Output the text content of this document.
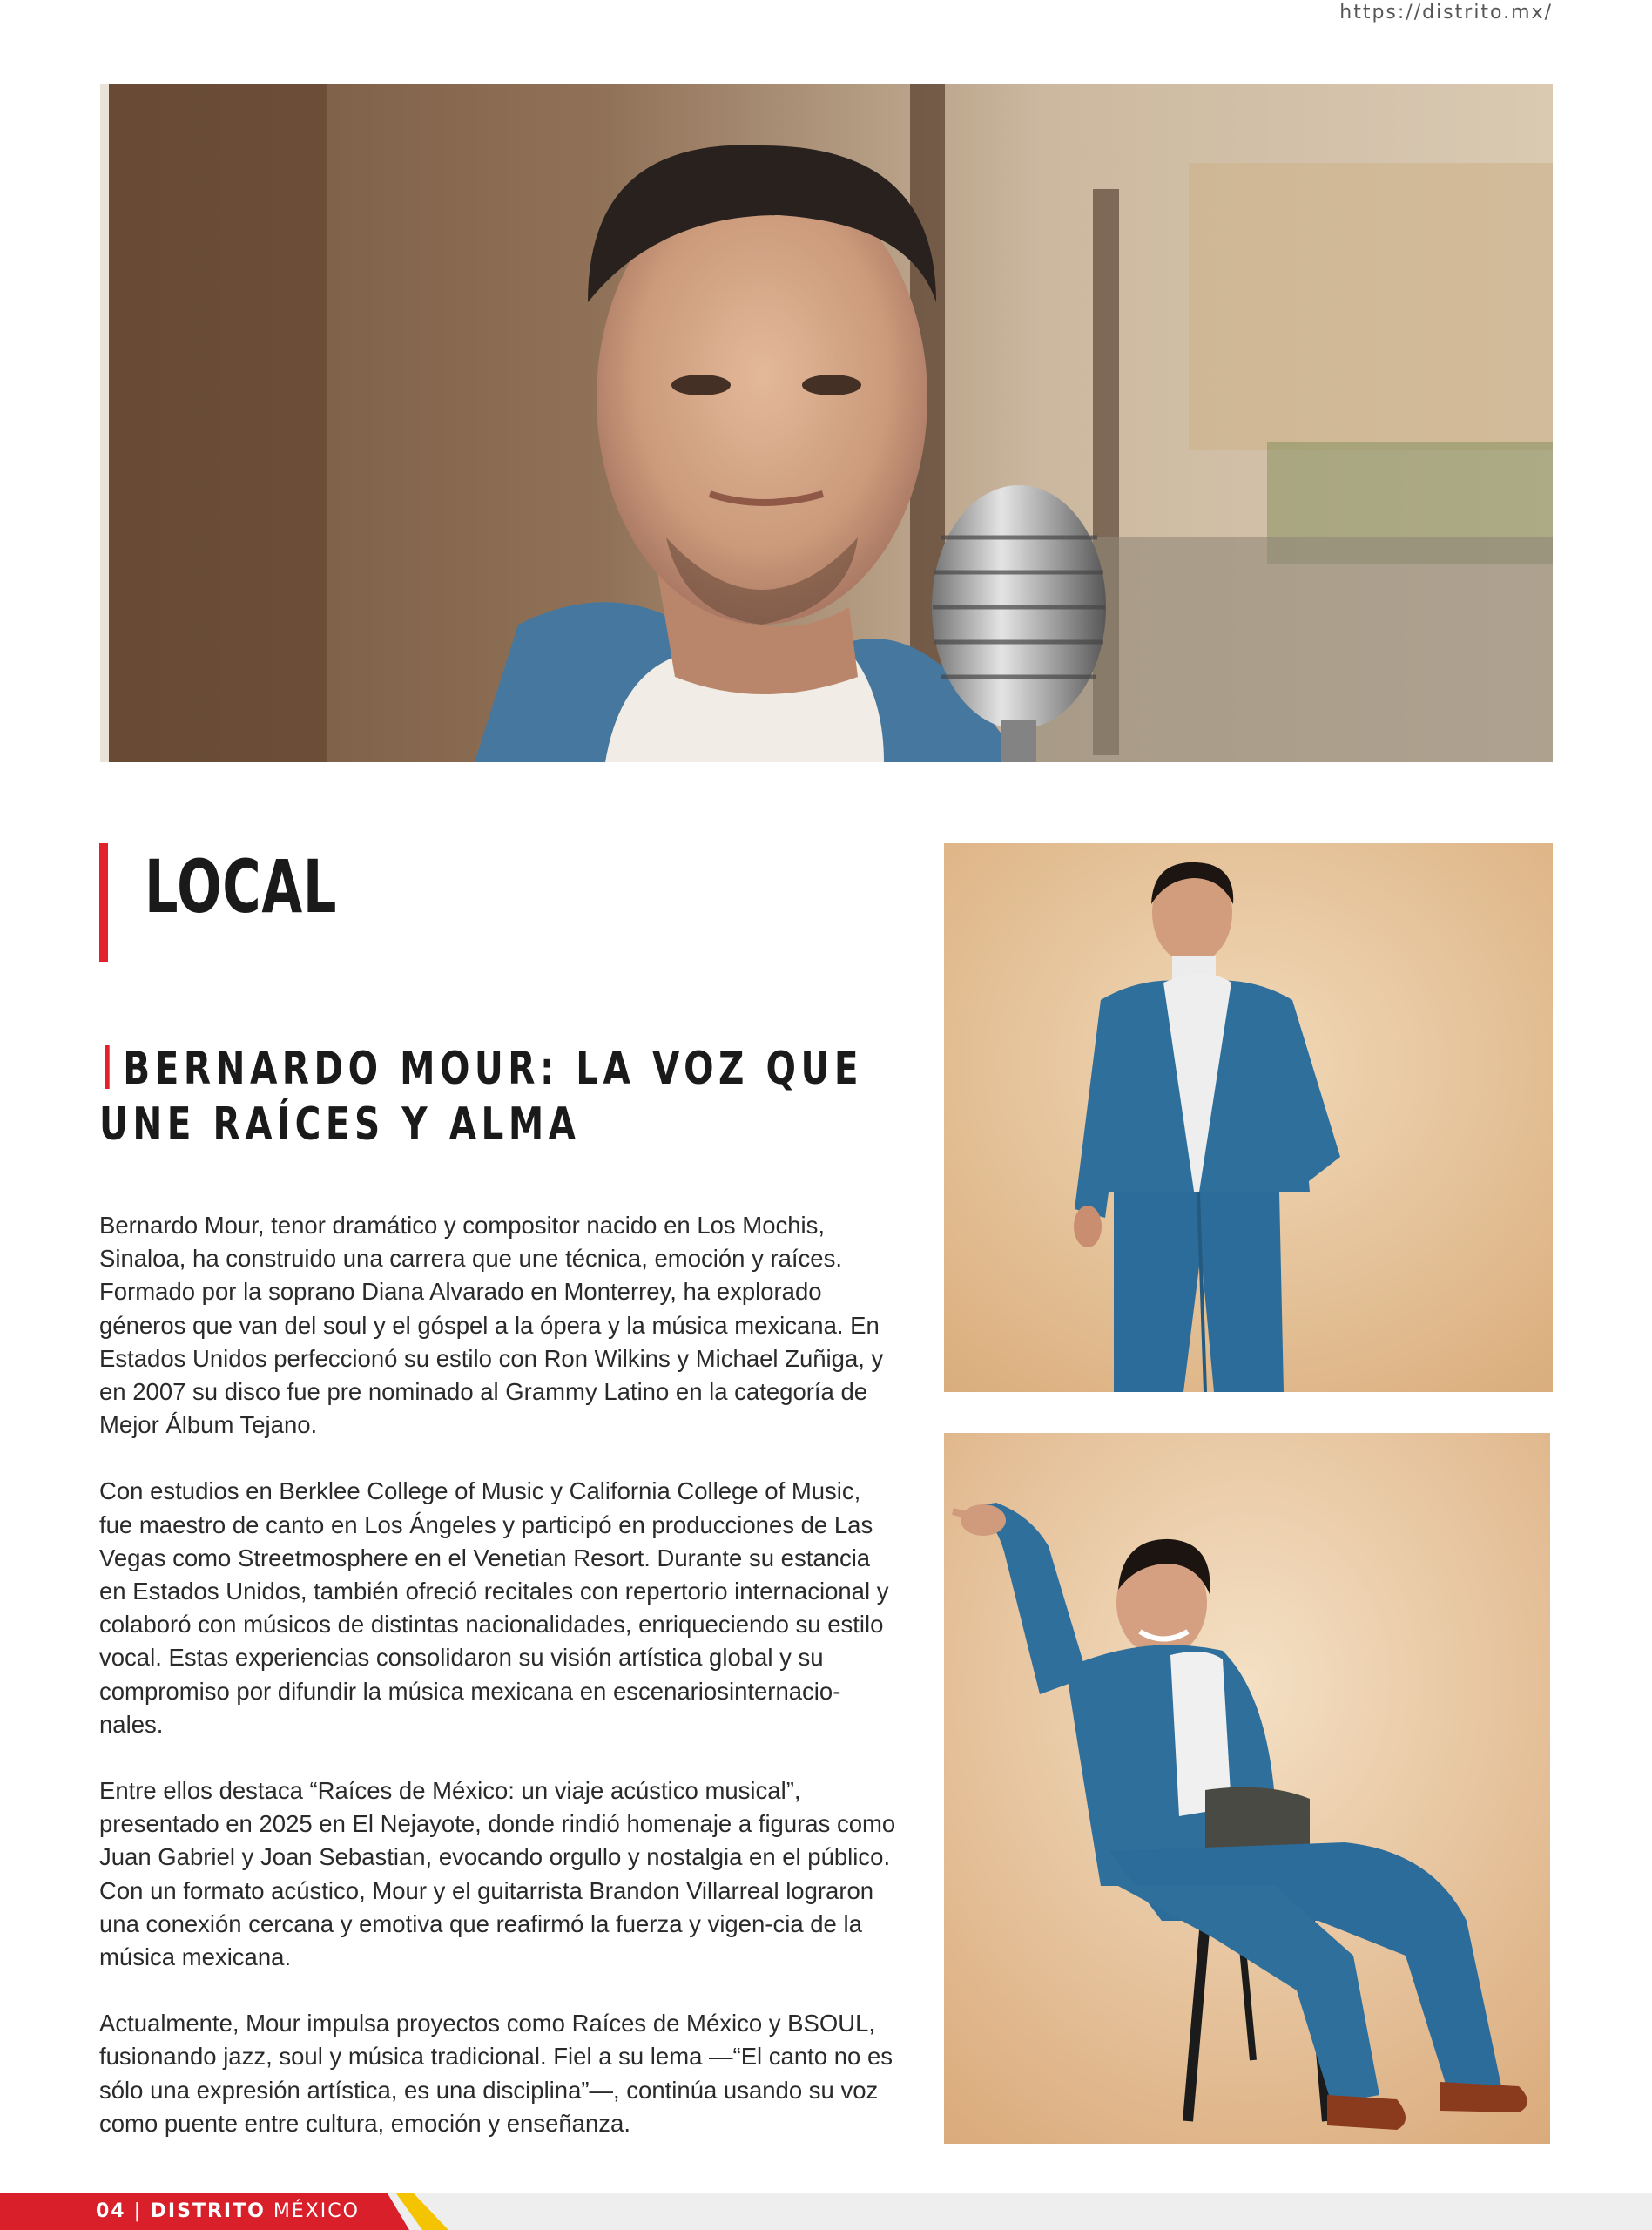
https://distrito.mx/
LOCAL
BERNARDO MOUR: LA VOZ QUE UNE RAÍCES Y ALMA

Bernardo Mour, tenor dramático y compositor nacido en Los Mochis, Sinaloa, ha construido una carrera que une técnica, emoción y raíces. Formado por la soprano Diana Alvarado en Monterrey, ha explorado géneros que van del soul y el góspel a la ópera y la música mexicana. En Estados Unidos perfeccionó su estilo con Ron Wilkins y Michael Zuñiga, y en 2007 su disco fue pre nominado al Grammy Latino en la categoría de Mejor Álbum Tejano.

Con estudios en Berklee College of Music y California College of Music, fue maestro de canto en Los Ángeles y participó en producciones de Las Vegas como Streetmosphere en el Venetian Resort. Durante su estancia en Estados Unidos, también ofreció recitales con repertorio internacional y colaboró con músicos de distintas nacionalidades, enriqueciendo su estilo vocal. Estas experiencias consolidaron su visión artística global y su compromiso por difundir la música mexicana en escenariosinternacio-nales.

Entre ellos destaca “Raíces de México: un viaje acústico musical”, presentado en 2025 en El Nejayote, donde rindió homenaje a figuras como Juan Gabriel y Joan Sebastian, evocando orgullo y nostalgia en el público. Con un formato acústico, Mour y el guitarrista Brandon Villarreal lograron una conexión cercana y emotiva que reafirmó la fuerza y vigen-cia de la música mexicana.

Actualmente, Mour impulsa proyectos como Raíces de México y BSOUL, fusionando jazz, soul y música tradicional. Fiel a su lema —“El canto no es sólo una expresión artística, es una disciplina”—, continúa usando su voz como puente entre cultura, emoción y enseñanza.

04 | DISTRITO MÉXICO
